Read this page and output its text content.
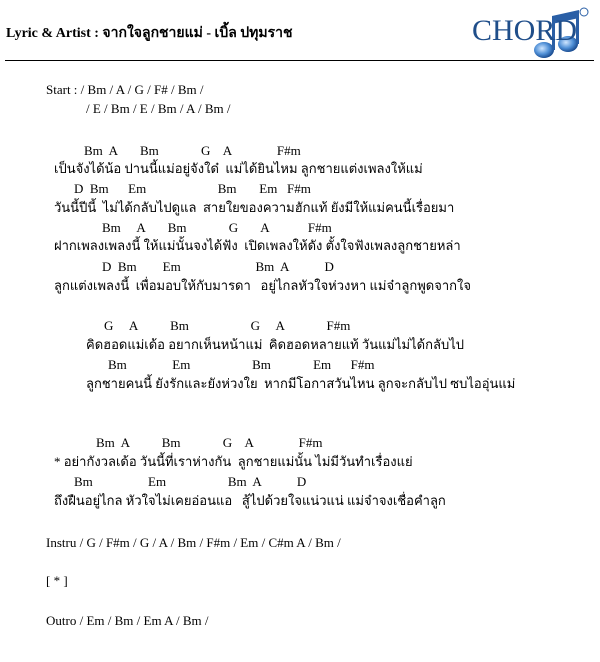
Lyric & Artist : จากใจลูกชายแม่ - เบิ้ล ปทุมราช	CHORD
Start : / Bm / A / G / F# / Bm /
/ E / Bm / E / Bm / A / Bm /
Bm  A       Bm             G    A              F#m
เป็นจังได้น้อ ปานนี้แม่อยู่จังใด๋  แม่ได้ยินไหม ลูกชายแต่งเพลงให้แม่
D  Bm      Em                      Bm       Em   F#m
วันนี้ปีนี้  ไม่ได้กลับไปดูแล  สายใยของความฮักแท้ ยังมีให้แม่คนนี้เรื่อยมา
Bm     A       Bm             G       A            F#m
ฝากเพลงเพลงนี้ ให้แม่นั้นจงได้ฟัง  เปิดเพลงให้ดัง ตั้งใจฟังเพลงลูกชายหล่า
D  Bm        Em                       Bm  A           D
ลูกแต่งเพลงนี้  เพื่อมอบให้กับมารดา   อยู่ไกลหัวใจห่วงหา แม่จ๋าลูกพูดจากใจ
G     A          Bm                   G     A             F#m
คิดฮอดแม่เด้อ อยากเห็นหน้าแม่  คิดฮอดหลายแท้ วันแม่ไม่ได้กลับไป
Bm              Em                   Bm             Em      F#m
ลูกชายคนนี้ ยังรักและยังห่วงใย  หากมีโอกาสวันไหน ลูกจะกลับไป ซบไออุ่นแม่
Bm  A          Bm             G    A              F#m
* อย่ากังวลเด้อ วันนี้ที่เราห่างกัน  ลูกชายแม่นั้น ไม่มีวันทำเรื่องแย่
Bm                 Em                   Bm  A           D
ถึงฝืนอยู่ไกล หัวใจไม่เคยอ่อนแอ   สู้ไปด้วยใจแน่วแน่ แม่จ๋าจงเชื่อคำลูก
Instru / G / F#m / G / A / Bm / F#m / Em / C#m A / Bm /
[ * ]
Outro / Em / Bm / Em A / Bm /
